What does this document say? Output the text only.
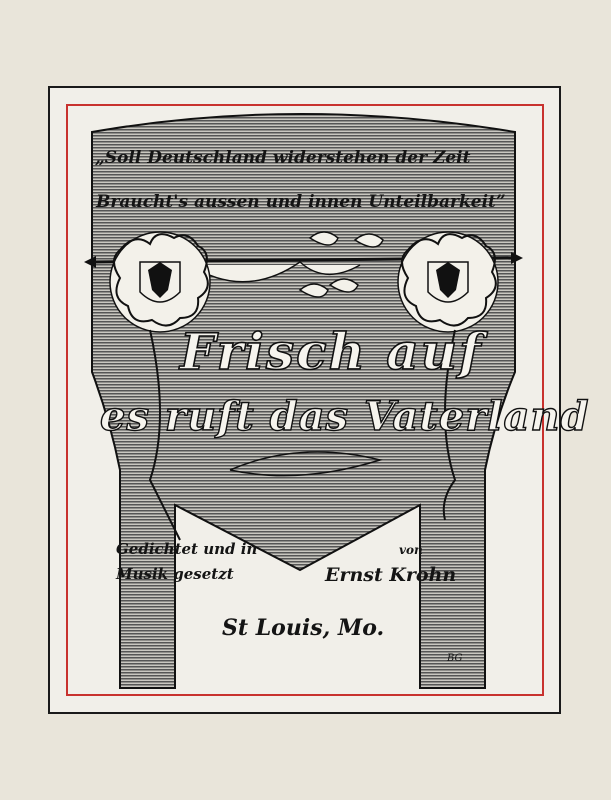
„Soll Deutschland widerstehen der Zeit
Braucht's aussen und innen Unteilbarkeit”
Frisch auf
es ruft das Vaterland
Gedichtet und in
Musik gesetzt
von
Ernst Krohn
St Louis, Mo.
BG
